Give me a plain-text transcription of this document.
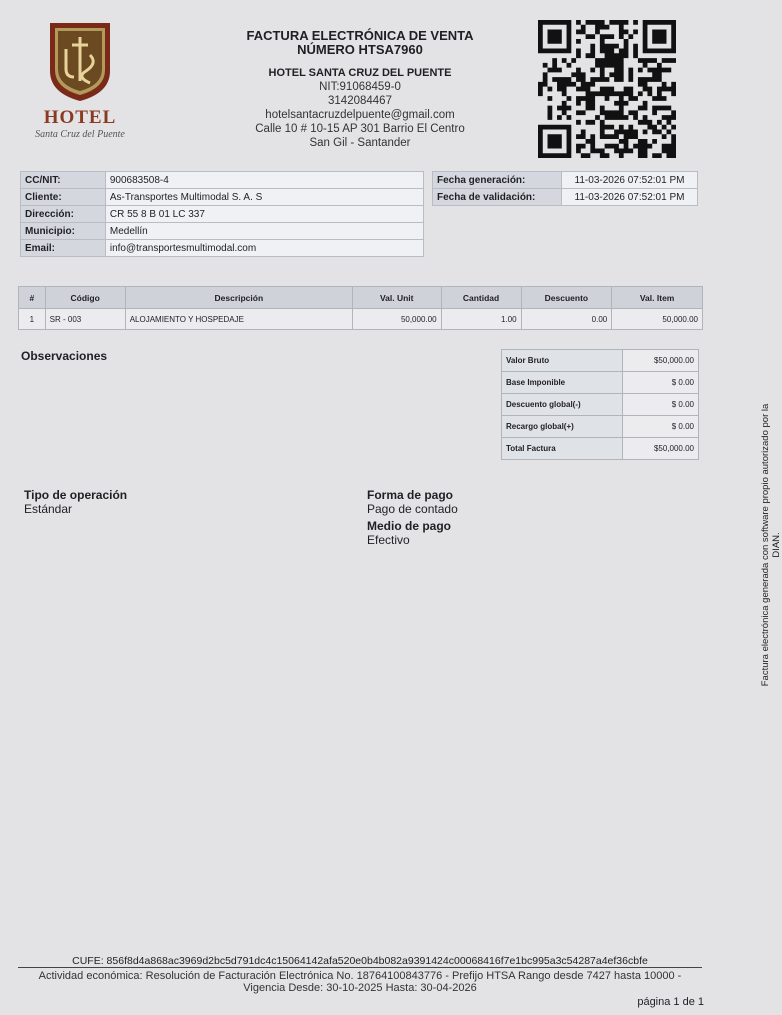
HOTEL
Santa Cruz del Puente
FACTURA ELECTRÓNICA DE VENTA
NÚMERO HTSA7960
HOTEL SANTA CRUZ DEL PUENTE
NIT:91068459-0
3142084467
hotelsantacruzdelpuente@gmail.com
Calle 10 # 10-15 AP 301 Barrio El Centro
San Gil - Santander
CC/NIT:	900683508-4
Cliente:	As-Transportes Multimodal S. A. S
Dirección:	CR 55 8 B 01 LC 337
Municipio:	Medellín
Email:	info@transportesmultimodal.com
Fecha generación:	11-03-2026 07:52:01 PM
Fecha de validación:	11-03-2026 07:52:01 PM
#	Código	Descripción	Val. Unit	Cantidad	Descuento	Val. Item
1	SR - 003	ALOJAMIENTO Y HOSPEDAJE	50,000.00	1.00	0.00	50,000.00
Observaciones	Valor Bruto	$50,000.00
Base Imponible	$ 0.00
Descuento global(-)	$ 0.00
Recargo global(+)	$ 0.00
Total Factura	$50,000.00	Factura electrónica generada con software propio autorizado por la DIAN.
Tipo de operación
Estándar
Forma de pago
Pago de contado
Medio de pago
Efectivo
CUFE: 856f8d4a868ac3969d2bc5d791dc4c15064142afa520e0b4b082a9391424c00068416f7e1bc995a3c54287a4ef36cbfe
Actividad económica: Resolución de Facturación Electrónica No. 18764100843776 - Prefijo HTSA Rango desde 7427 hasta 10000 - Vigencia Desde: 30-10-2025 Hasta: 30-04-2026
página 1 de 1
